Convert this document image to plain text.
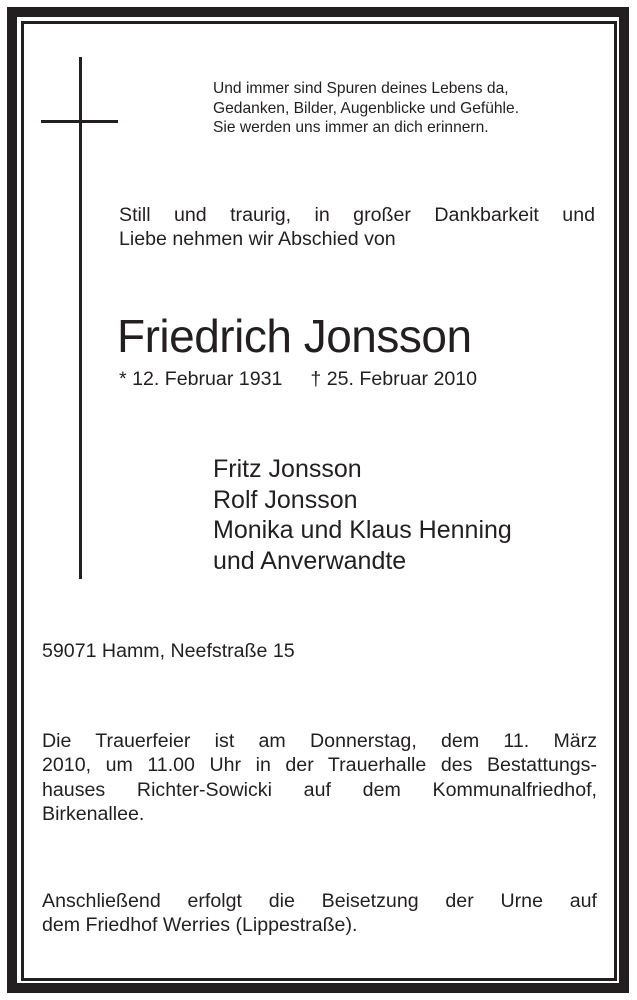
Und immer sind Spuren deines Lebens da,
Gedanken, Bilder, Augenblicke und Gefühle.
Sie werden uns immer an dich erinnern.
Still und traurig, in großer Dankbarkeit und
Liebe nehmen wir Abschied von
Friedrich Jonsson
* 12. Februar 1931 † 25. Februar 2010
Fritz Jonsson
Rolf Jonsson
Monika und Klaus Henning
und Anverwandte
59071 Hamm, Neefstraße 15
Die Trauerfeier ist am Donnerstag, dem 11. März
2010, um 11.00 Uhr in der Trauerhalle des Bestattungs-
hauses Richter-Sowicki auf dem Kommunalfriedhof,
Birkenallee.
Anschließend erfolgt die Beisetzung der Urne auf
dem Friedhof Werries (Lippestraße).
